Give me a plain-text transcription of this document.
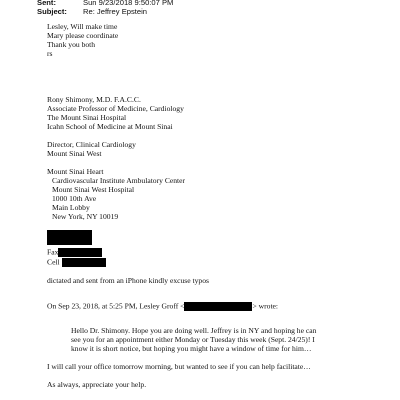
Sent:	Sun 9/23/2018 9:50:07 PM
Subject: Re: Jeffrey Epstein
Lesley, Will make time
Mary please coordinate
Thank you both
rs
Rony Shimony, M.D. F.A.C.C.
Associate Professor of Medicine, Cardiology
The Mount Sinai Hospital
Icahn School of Medicine at Mount Sinai
Director, Clinical Cardiology
Mount Sinai West
Mount Sinai Heart
Cardiovascular Institute Ambulatory Center
Mount Sinai West Hospital
1000 10th Ave
Main Lobby
New York, NY 10019
Fax
Cell
dictated and sent from an iPhone kindly excuse typos
On Sep 23, 2018, at 5:25 PM, Lesley Groff <	> wrote:
Hello Dr. Shimony. Hope you are doing well. Jeffrey is in NY and hoping he can
see you for an appointment either Monday or Tuesday this week (Sept. 24/25)! I
know it is short notice, but hoping you might have a window of time for him…
I will call your office tomorrow morning, but wanted to see if you can help facilitate…
As always, appreciate your help.
